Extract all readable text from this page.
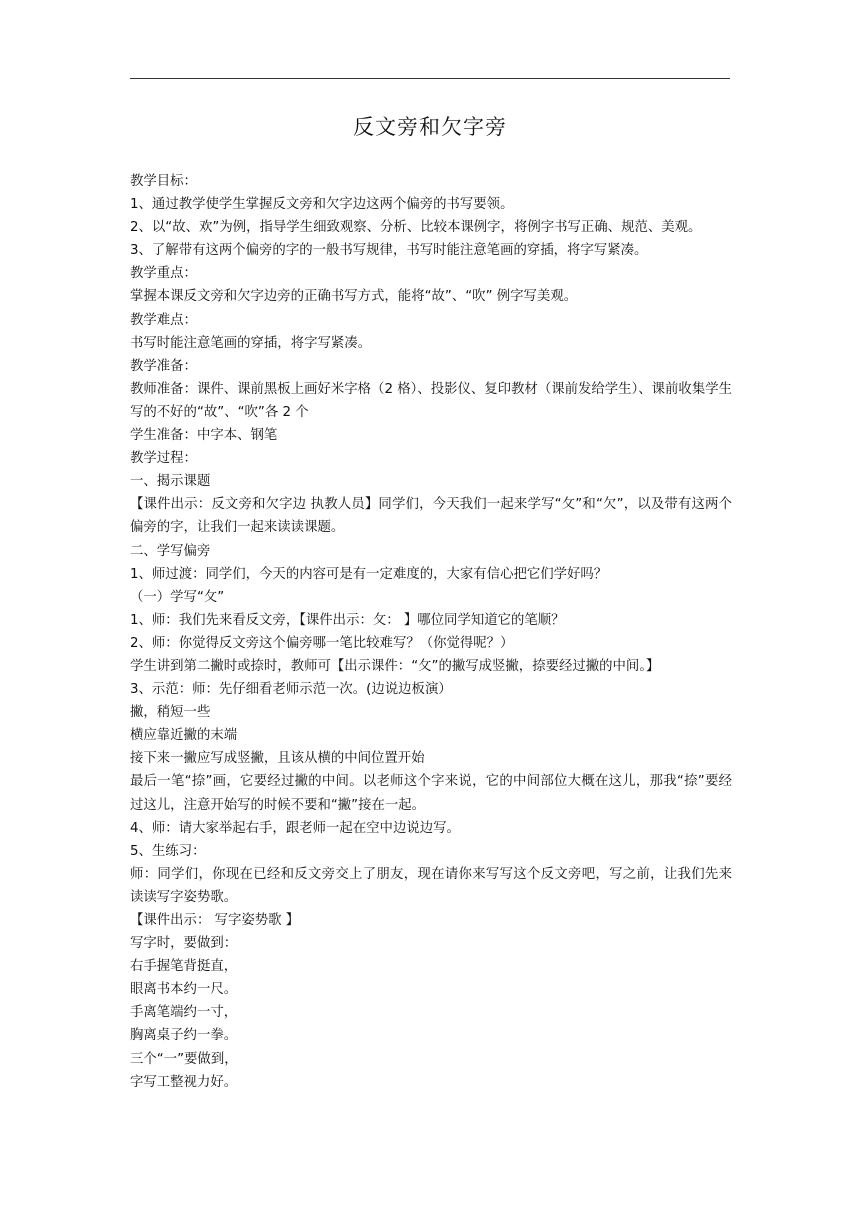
反文旁和欠字旁
教学目标：
1、通过教学使学生掌握反文旁和欠字边这两个偏旁的书写要领。
2、以“故、欢”为例，指导学生细致观察、分析、比较本课例字，将例字书写正确、规范、美观。
3、了解带有这两个偏旁的字的一般书写规律，书写时能注意笔画的穿插，将字写紧凑。
教学重点：
掌握本课反文旁和欠字边旁的正确书写方式，能将“故”、“吹” 例字写美观。
教学难点：
书写时能注意笔画的穿插，将字写紧凑。
教学准备：
教师准备：课件、课前黑板上画好米字格（2 格）、投影仪、复印教材（课前发给学生）、课前收集学生写的不好的“故”、“吹”各 2 个
学生准备：中字本、钢笔
教学过程：
一、揭示课题
【课件出示：反文旁和欠字边 执教人员】同学们，今天我们一起来学写“攵”和“欠”，以及带有这两个偏旁的字，让我们一起来读读课题。
二、学写偏旁
1、师过渡：同学们，今天的内容可是有一定难度的，大家有信心把它们学好吗？
（一）学写“攵”
1、师：我们先来看反文旁，【课件出示：攵： 】哪位同学知道它的笔顺？
2、师：你觉得反文旁这个偏旁哪一笔比较难写？（你觉得呢？）
学生讲到第二撇时或捺时，教师可【出示课件：“攵”的撇写成竖撇，捺要经过撇的中间。】
3、示范：师：先仔细看老师示范一次。(边说边板演）
撇，稍短一些
横应靠近撇的末端
接下来一撇应写成竖撇，且该从横的中间位置开始
最后一笔“捺”画，它要经过撇的中间。以老师这个字来说，它的中间部位大概在这儿，那我“捺”要经过这儿，注意开始写的时候不要和“撇”接在一起。
4、师：请大家举起右手，跟老师一起在空中边说边写。
5、生练习：
师：同学们，你现在已经和反文旁交上了朋友，现在请你来写写这个反文旁吧，写之前，让我们先来读读写字姿势歌。
【课件出示： 写字姿势歌 】
写字时，要做到：
右手握笔背挺直，
眼离书本约一尺。
手离笔端约一寸，
胸离桌子约一拳。
三个“一”要做到，
字写工整视力好。
